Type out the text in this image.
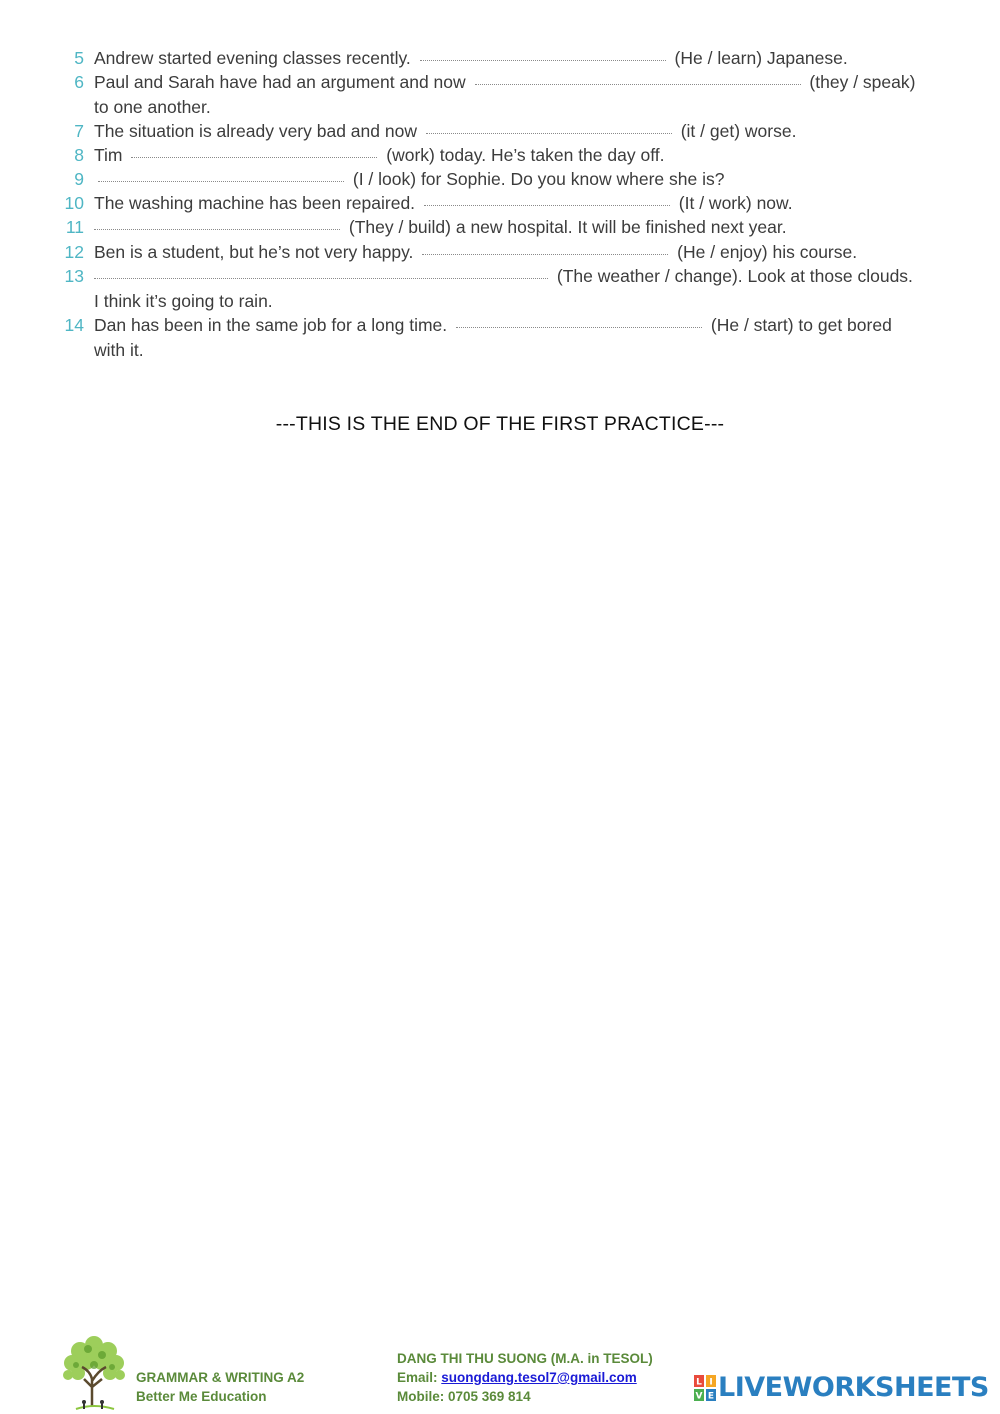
5 Andrew started evening classes recently.	(He / learn) Japanese.
6 Paul and Sarah have had an argument and now	(they / speak)
to one another.
7 The situation is already very bad and now	(it / get) worse.
8 Tim	(work) today. He’s taken the day off.
9	(I / look) for Sophie. Do you know where she is?
10 The washing machine has been repaired.	(It / work) now.
11	(They / build) a new hospital. It will be finished next year.
12 Ben is a student, but he’s not very happy.	(He / enjoy) his course.
13	(The weather / change). Look at those clouds.
I think it’s going to rain.
14 Dan has been in the same job for a long time.	(He / start) to get bored
with it.
---THIS IS THE END OF THE FIRST PRACTICE---
GRAMMAR & WRITING A2
Better Me Education
DANG THI THU SUONG (M.A. in TESOL)
Email: suongdang.tesol7@gmail.com
Mobile: 0705 369 814
L I
V E LIVEWORKSHEETS
